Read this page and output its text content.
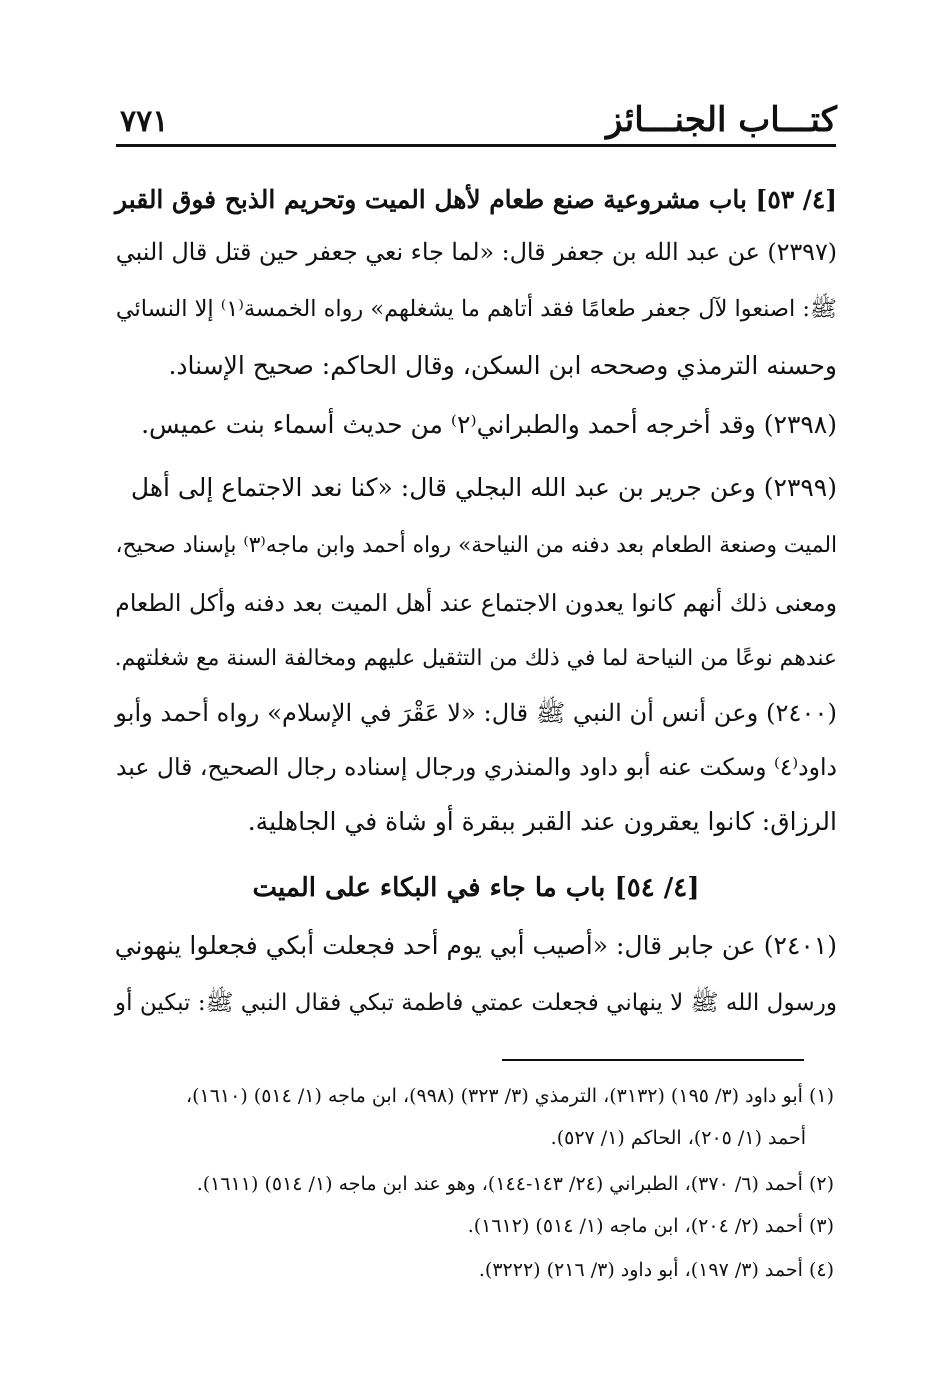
كتـــاب الجنـــائز
٧٧١
[٤/ ٥٣] باب مشروعية صنع طعام لأهل الميت وتحريم الذبح فوق القبر
(٢٣٩٧) عن عبد الله بن جعفر قال: «لما جاء نعي جعفر حين قتل قال النبي
ﷺ: اصنعوا لآل جعفر طعامًا فقد أتاهم ما يشغلهم» رواه الخمسة⁽١⁾ إلا النسائي
وحسنه الترمذي وصححه ابن السكن، وقال الحاكم: صحيح الإسناد.
(٢٣٩٨) وقد أخرجه أحمد والطبراني⁽٢⁾ من حديث أسماء بنت عميس.
(٢٣٩٩) وعن جرير بن عبد الله البجلي قال: «كنا نعد الاجتماع إلى أهل
الميت وصنعة الطعام بعد دفنه من النياحة» رواه أحمد وابن ماجه⁽٣⁾ بإسناد صحيح،
ومعنى ذلك أنهم كانوا يعدون الاجتماع عند أهل الميت بعد دفنه وأكل الطعام
عندهم نوعًا من النياحة لما في ذلك من التثقيل عليهم ومخالفة السنة مع شغلتهم.
(٢٤٠٠) وعن أنس أن النبي ﷺ قال: «لا عَقْرَ في الإسلام» رواه أحمد وأبو
داود⁽٤⁾ وسكت عنه أبو داود والمنذري ورجال إسناده رجال الصحيح، قال عبد
الرزاق: كانوا يعقرون عند القبر ببقرة أو شاة في الجاهلية.
[٤/ ٥٤] باب ما جاء في البكاء على الميت
(٢٤٠١) عن جابر قال: «أصيب أبي يوم أحد فجعلت أبكي فجعلوا ينهوني
ورسول الله ﷺ لا ينهاني فجعلت عمتي فاطمة تبكي فقال النبي ﷺ: تبكين أو
(١) أبو داود (٣/ ١٩٥) (٣١٣٢)، الترمذي (٣/ ٣٢٣) (٩٩٨)، ابن ماجه (١/ ٥١٤) (١٦١٠)،
أحمد (١/ ٢٠٥)، الحاكم (١/ ٥٢٧).
(٢) أحمد (٦/ ٣٧٠)، الطبراني (٢٤/ ١٤٣-١٤٤)، وهو عند ابن ماجه (١/ ٥١٤) (١٦١١).
(٣) أحمد (٢/ ٢٠٤)، ابن ماجه (١/ ٥١٤) (١٦١٢).
(٤) أحمد (٣/ ١٩٧)، أبو داود (٣/ ٢١٦) (٣٢٢٢).
